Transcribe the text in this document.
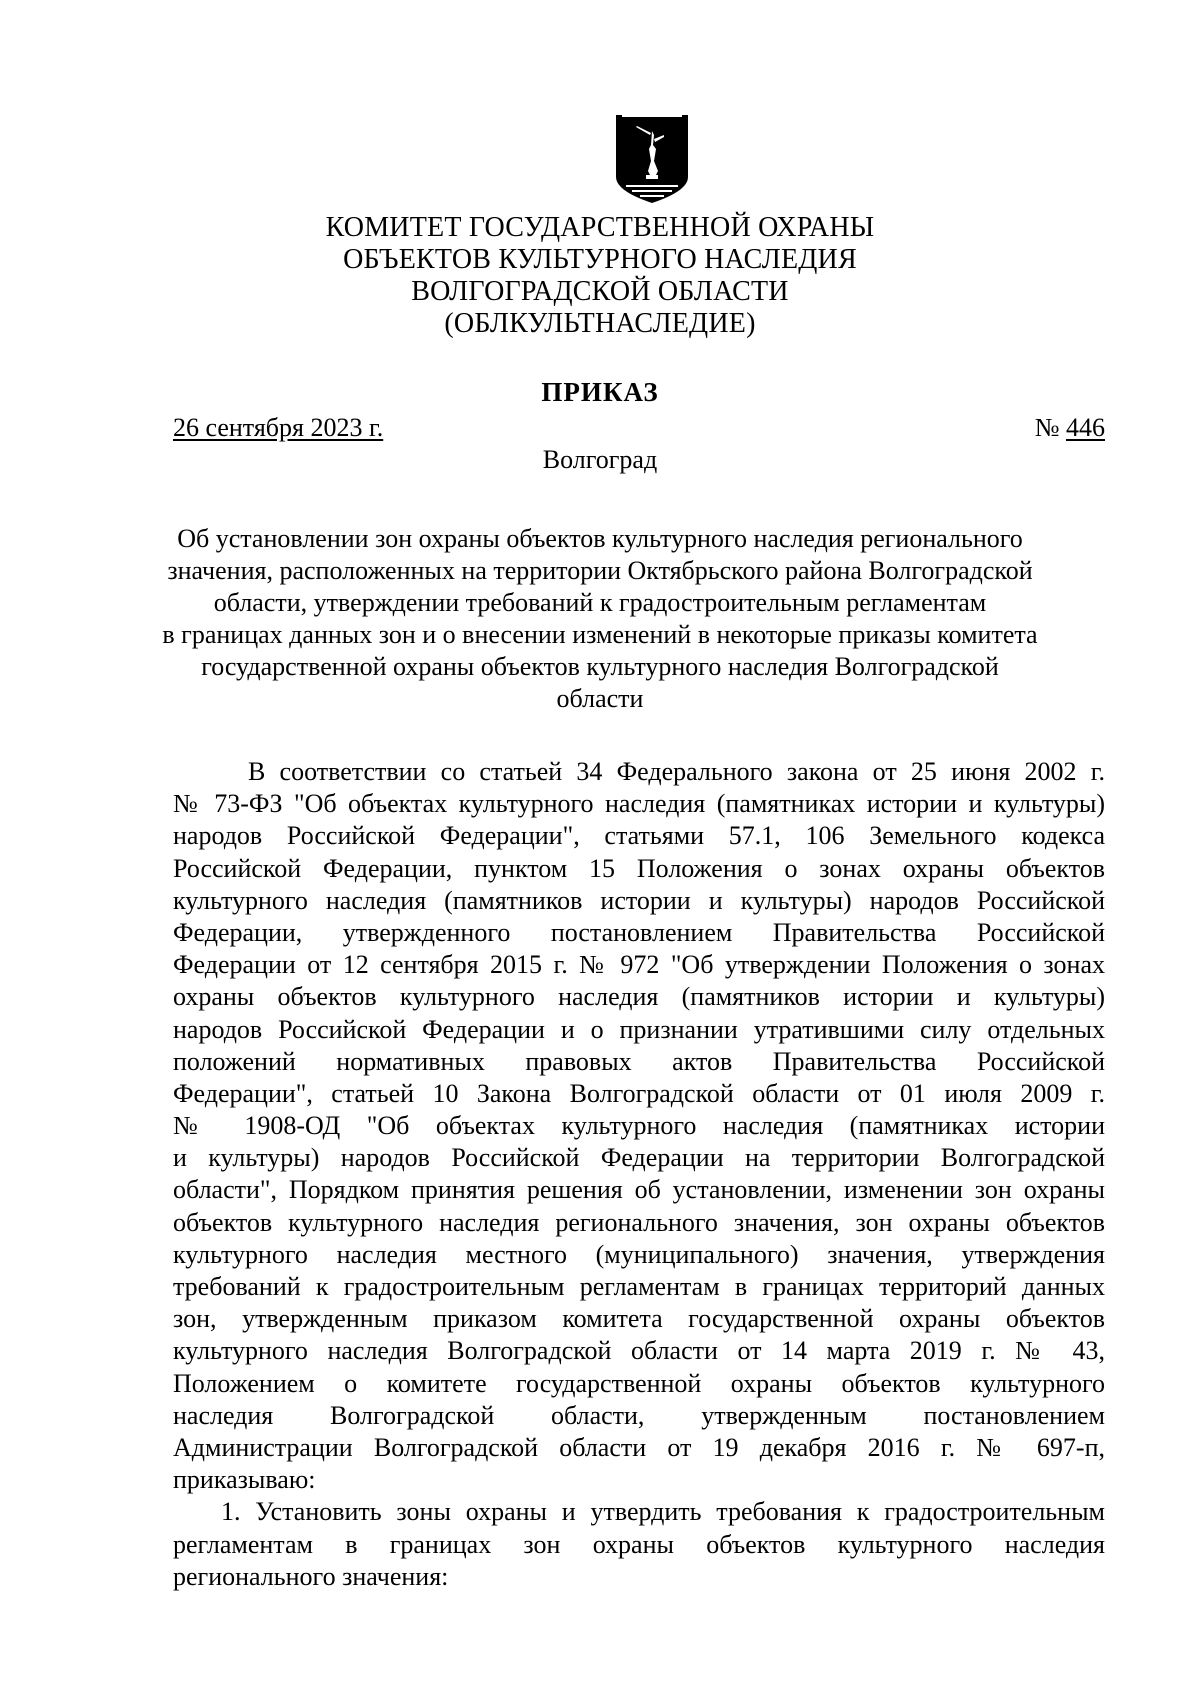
КОМИТЕТ ГОСУДАРСТВЕННОЙ ОХРАНЫ
ОБЪЕКТОВ КУЛЬТУРНОГО НАСЛЕДИЯ
ВОЛГОГРАДСКОЙ ОБЛАСТИ
(ОБЛКУЛЬТНАСЛЕДИЕ)
ПРИКАЗ
26 сентября 2023 г.	№ 446
Волгоград
Об установлении зон охраны объектов культурного наследия регионального
значения, расположенных на территории Октябрьского района Волгоградской
области, утверждении требований к градостроительным регламентам
в границах данных зон и о внесении изменений в некоторые приказы комитета
государственной охраны объектов культурного наследия Волгоградской
области
В соответствии со статьей 34 Федерального закона от 25 июня 2002 г.
№ 73-ФЗ "Об объектах культурного наследия (памятниках истории и культуры)
народов Российской Федерации", статьями 57.1, 106 Земельного кодекса
Российской Федерации, пунктом 15 Положения о зонах охраны объектов
культурного наследия (памятников истории и культуры) народов Российской
Федерации, утвержденного постановлением Правительства Российской
Федерации от 12 сентября 2015 г. № 972 "Об утверждении Положения о зонах
охраны объектов культурного наследия (памятников истории и культуры)
народов Российской Федерации и о признании утратившими силу отдельных
положений нормативных правовых актов Правительства Российской
Федерации", статьей 10 Закона Волгоградской области от 01 июля 2009 г.
№ 1908-ОД "Об объектах культурного наследия (памятниках истории
и культуры) народов Российской Федерации на территории Волгоградской
области", Порядком принятия решения об установлении, изменении зон охраны
объектов культурного наследия регионального значения, зон охраны объектов
культурного наследия местного (муниципального) значения, утверждения
требований к градостроительным регламентам в границах территорий данных
зон, утвержденным приказом комитета государственной охраны объектов
культурного наследия Волгоградской области от 14 марта 2019 г. № 43,
Положением о комитете государственной охраны объектов культурного
наследия Волгоградской области, утвержденным постановлением
Администрации Волгоградской области от 19 декабря 2016 г. № 697-п,
приказываю:
1. Установить зоны охраны и утвердить требования к градостроительным
регламентам в границах зон охраны объектов культурного наследия
регионального значения:
